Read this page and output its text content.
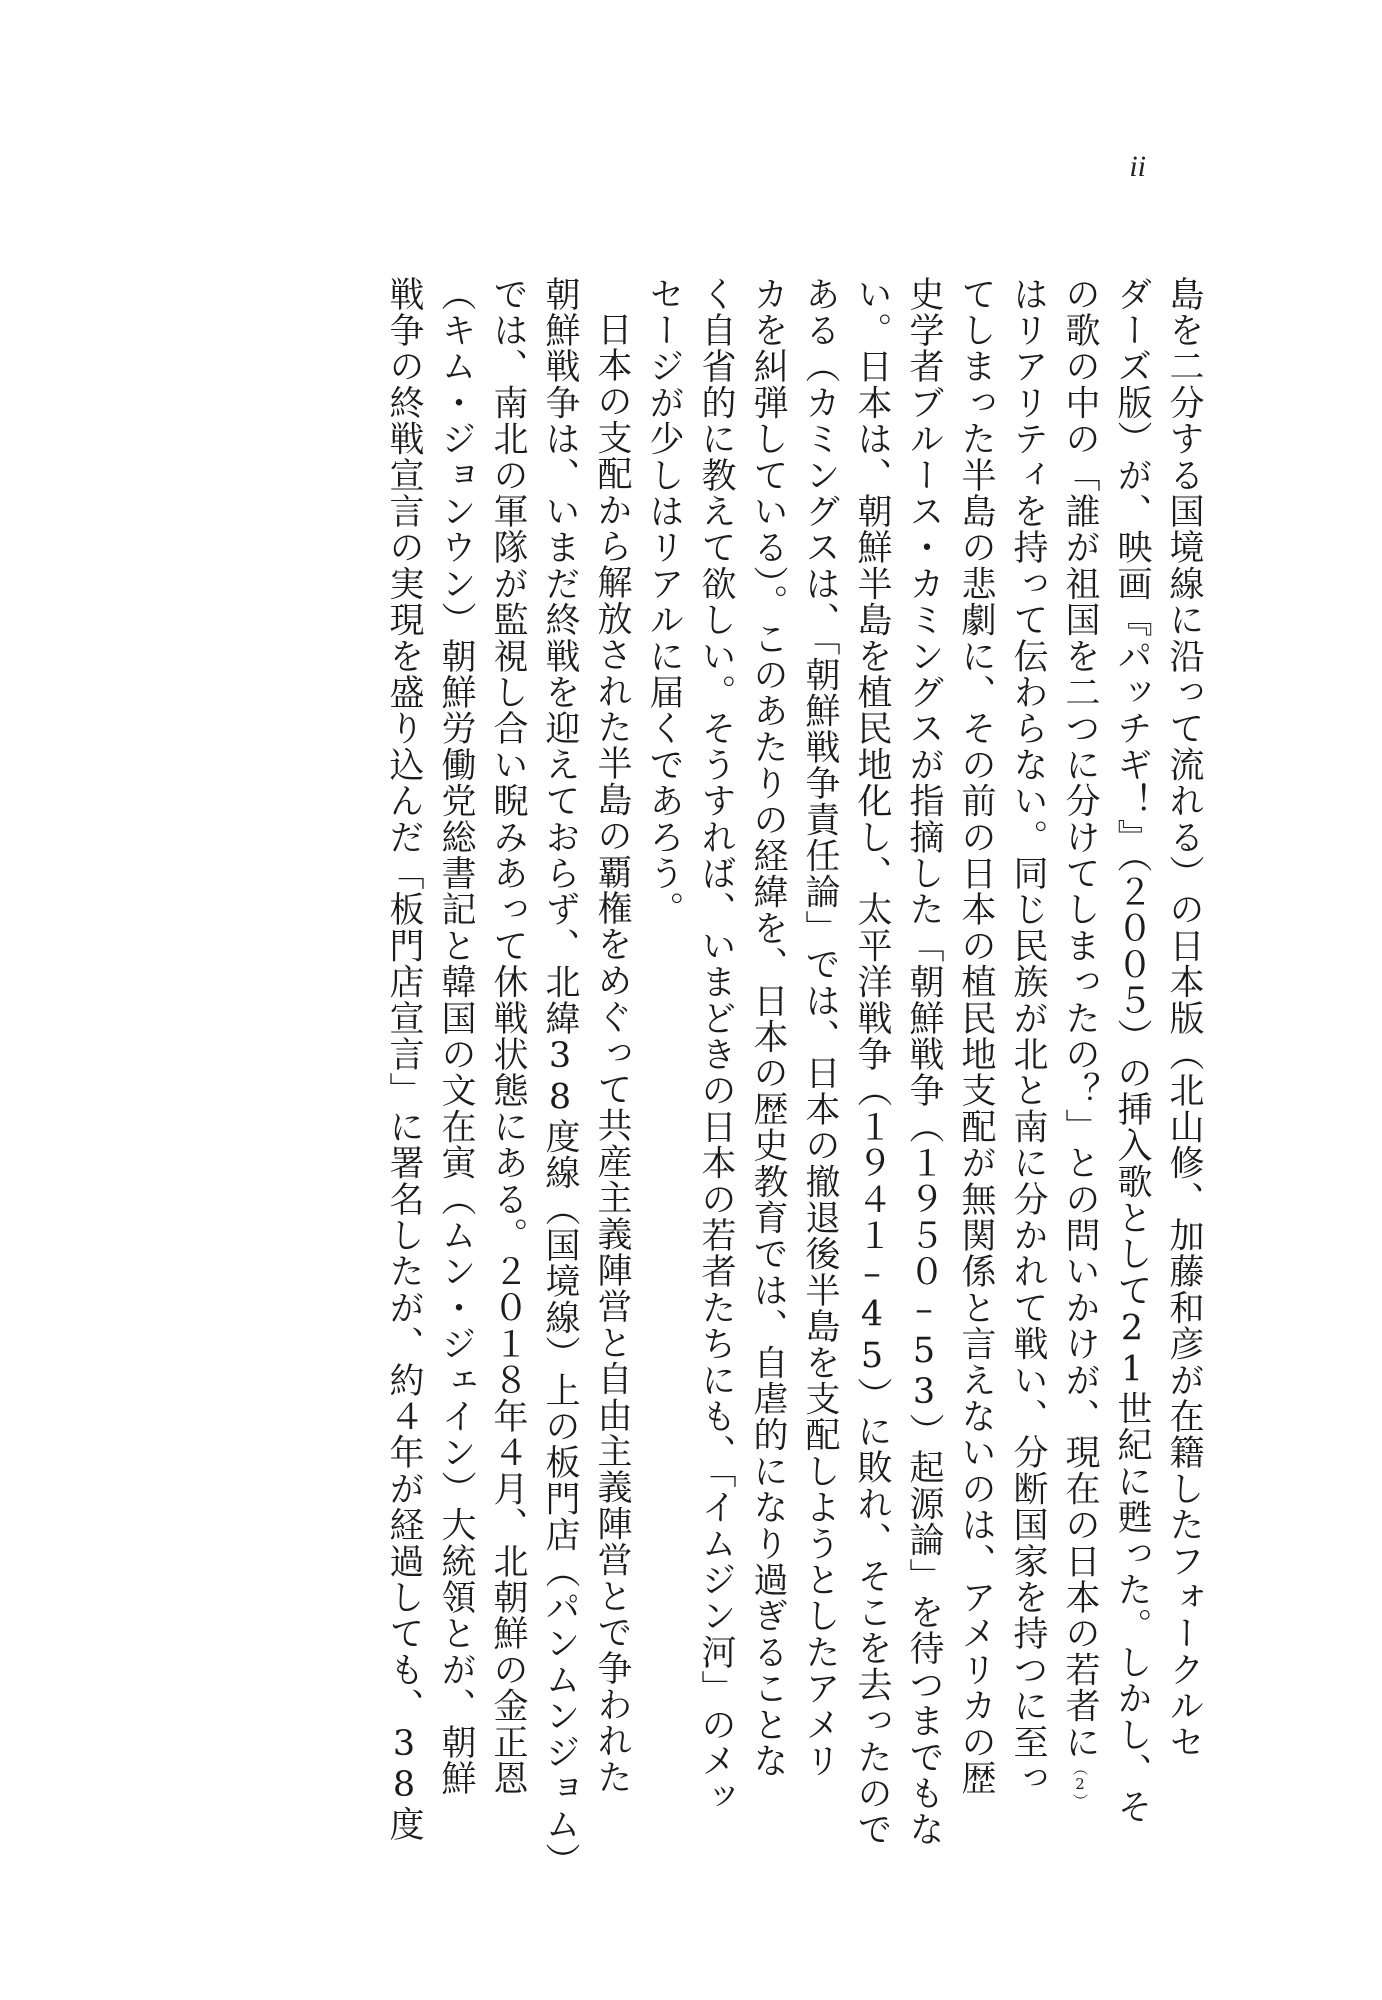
ii
島を二分する国境線に沿って流れる）の日本版（北山修、加藤和彦が在籍したフォークルセ
ダーズ版）が、映画『パッチギ！』（２００５）の挿入歌として21世紀に甦った。しかし、そ
の歌の中の「誰が祖国を二つに分けてしまったの？」との問いかけが、現在の日本の若者に（2）
はリアリティを持って伝わらない。同じ民族が北と南に分かれて戦い、分断国家を持つに至っ
てしまった半島の悲劇に、その前の日本の植民地支配が無関係と言えないのは、アメリカの歴
史学者ブルース・カミングスが指摘した「朝鮮戦争（１９５０–53）起源論」を待つまでもな
い。日本は、朝鮮半島を植民地化し、太平洋戦争（１９４１–45）に敗れ、そこを去ったので
ある（カミングスは、「朝鮮戦争責任論」では、日本の撤退後半島を支配しようとしたアメリ
カを糾弾している）。このあたりの経緯を、日本の歴史教育では、自虐的になり過ぎることな
く自省的に教えて欲しい。そうすれば、いまどきの日本の若者たちにも、「イムジン河」のメッ
セージが少しはリアルに届くであろう。
日本の支配から解放された半島の覇権をめぐって共産主義陣営と自由主義陣営とで争われた
朝鮮戦争は、いまだ終戦を迎えておらず、北緯38度線（国境線）上の板門店（パンムンジョム）
では、南北の軍隊が監視し合い睨みあって休戦状態にある。２０１８年４月、北朝鮮の金正恩
（キム・ジョンウン）朝鮮労働党総書記と韓国の文在寅（ムン・ジェイン）大統領とが、朝鮮
戦争の終戦宣言の実現を盛り込んだ「板門店宣言」に署名したが、約４年が経過しても、38度
